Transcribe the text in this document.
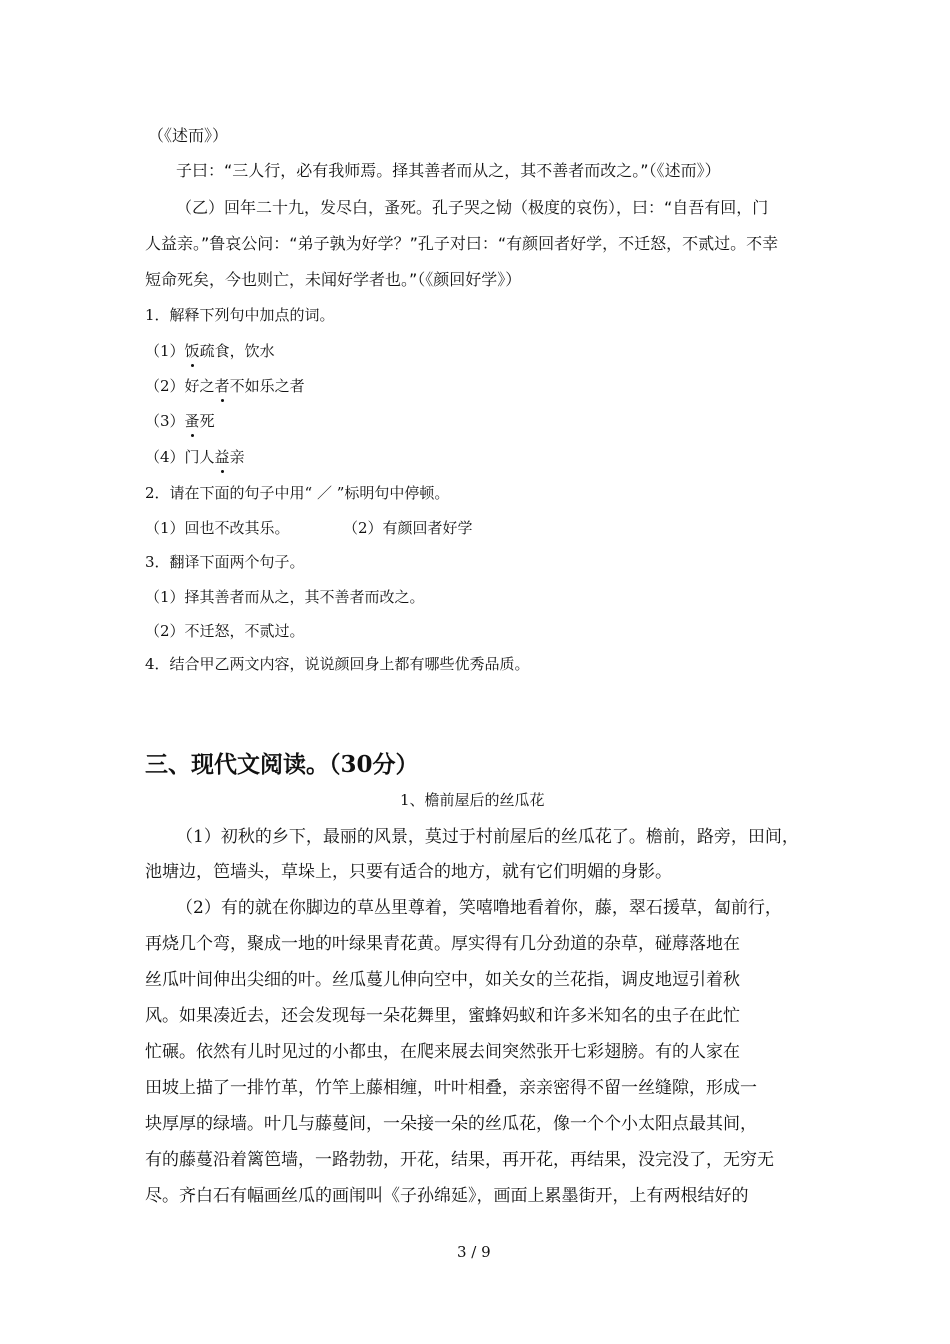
（《述而》）
子曰：“三人行，必有我师焉。择其善者而从之，其不善者而改之。”（《述而》）
（乙）回年二十九，发尽白，蚤死。孔子哭之恸（极度的哀伤），曰：“自吾有回，门
人益亲。”鲁哀公问：“弟子孰为好学？”孔子对曰：“有颜回者好学，不迁怒，不贰过。不幸
短命死矣，今也则亡，未闻好学者也。”（《颜回好学》）
1．解释下列句中加点的词。
（1）饭疏食，饮水
（2）好之者不如乐之者
（3）蚤死
（4）门人益亲
2．请在下面的句子中用“ ／ ”标明句中停顿。
（1）回也不改其乐。	（2）有颜回者好学
3．翻译下面两个句子。
（1）择其善者而从之，其不善者而改之。
（2）不迁怒，不贰过。
4．结合甲乙两文内容，说说颜回身上都有哪些优秀品质。
三、现代文阅读。（30分）
1、檐前屋后的丝瓜花
（1）初秋的乡下，最丽的风景，莫过于村前屋后的丝瓜花了。檐前，路旁，田间，
池塘边，笆墙头，草垛上，只要有适合的地方，就有它们明媚的身影。
（2）有的就在你脚边的草丛里尊着，笑嘻噜地看着你，藤，翠石援草，匐前行，
再烧几个弯，聚成一地的叶绿果青花黄。厚实得有几分劲道的杂草，碰蓐落地在
丝瓜叶间伸出尖细的叶。丝瓜蔓儿伸向空中，如关女的兰花指，调皮地逗引着秋
风。如果凑近去，还会发现每一朵花舞里，蜜蜂妈蚁和许多米知名的虫子在此忙
忙碾。依然有儿时见过的小都虫，在爬来展去间突然张开七彩翅膀。有的人家在
田坡上描了一排竹革，竹竿上藤相缠，叶叶相叠，亲亲密得不留一丝缝隙，形成一
块厚厚的绿墙。叶几与藤蔓间，一朵接一朵的丝瓜花，像一个个小太阳点最其间，
有的藤蔓沿着篱笆墙，一路勃勃，开花，结果，再开花，再结果，没完没了，无穷无
尽。齐白石有幅画丝瓜的画闱叫《子孙绵延》，画面上累墨街开，上有两根结好的
3 / 9
